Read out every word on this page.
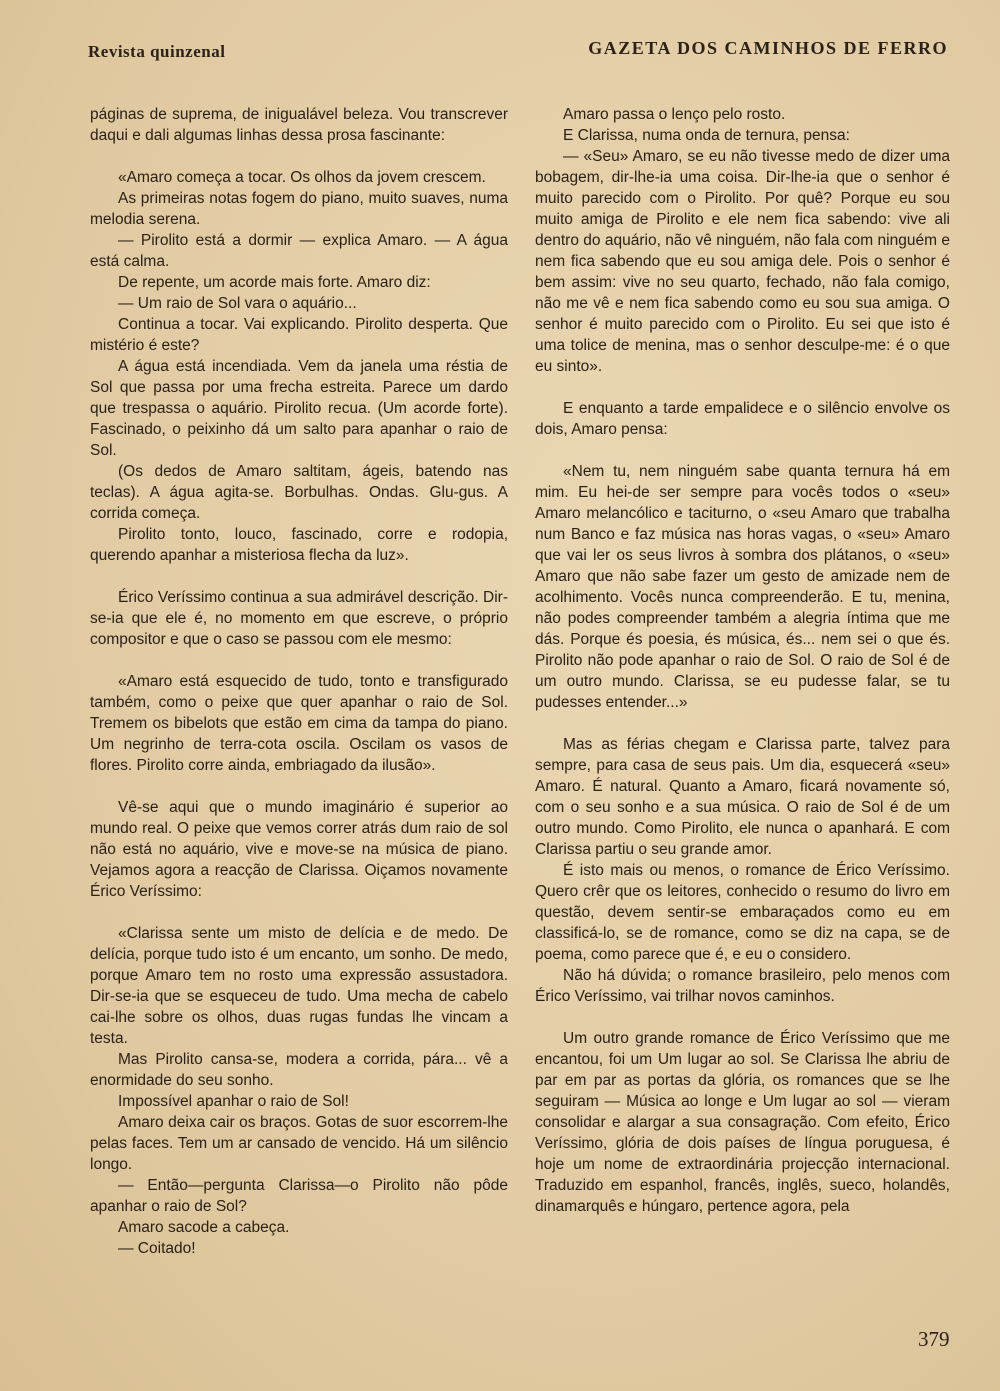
Revista quinzenal	GAZETA DOS CAMINHOS DE FERRO

páginas de suprema, de inigualável beleza. Vou transcrever daqui e dali algumas linhas dessa prosa fascinante:

«Amaro começa a tocar. Os olhos da jovem crescem.

As primeiras notas fogem do piano, muito suaves, numa melodia serena.

— Pirolito está a dormir — explica Amaro. — A água está calma.

De repente, um acorde mais forte. Amaro diz:

— Um raio de Sol vara o aquário...

Continua a tocar. Vai explicando. Pirolito desperta. Que mistério é este?

A água está incendiada. Vem da janela uma réstia de Sol que passa por uma frecha estreita. Parece um dardo que trespassa o aquário. Pirolito recua. (Um acorde forte). Fascinado, o peixinho dá um salto para apanhar o raio de Sol.

(Os dedos de Amaro saltitam, ágeis, batendo nas teclas). A água agita-se. Borbulhas. Ondas. Glu-gus. A corrida começa.

Pirolito tonto, louco, fascinado, corre e rodopia, querendo apanhar a misteriosa flecha da luz».

Érico Veríssimo continua a sua admirável descrição. Dir-se-ia que ele é, no momento em que escreve, o próprio compositor e que o caso se passou com ele mesmo:

«Amaro está esquecido de tudo, tonto e transfigurado também, como o peixe que quer apanhar o raio de Sol. Tremem os bibelots que estão em cima da tampa do piano. Um negrinho de terra-cota oscila. Oscilam os vasos de flores. Pirolito corre ainda, embriagado da ilusão».

Vê-se aqui que o mundo imaginário é superior ao mundo real. O peixe que vemos correr atrás dum raio de sol não está no aquário, vive e move-se na música de piano. Vejamos agora a reacção de Clarissa. Oiçamos novamente Érico Veríssimo:

«Clarissa sente um misto de delícia e de medo. De delícia, porque tudo isto é um encanto, um sonho. De medo, porque Amaro tem no rosto uma expressão assustadora. Dir-se-ia que se esqueceu de tudo. Uma mecha de cabelo cai-lhe sobre os olhos, duas rugas fundas lhe vincam a testa.

Mas Pirolito cansa-se, modera a corrida, pára... vê a enormidade do seu sonho.

Impossível apanhar o raio de Sol!

Amaro deixa cair os braços. Gotas de suor escorrem-lhe pelas faces. Tem um ar cansado de vencido. Há um silêncio longo.

— Então—pergunta Clarissa—o Pirolito não pôde apanhar o raio de Sol?

Amaro sacode a cabeça.

— Coitado!

Amaro passa o lenço pelo rosto.

E Clarissa, numa onda de ternura, pensa:

— «Seu» Amaro, se eu não tivesse medo de dizer uma bobagem, dir-lhe-ia uma coisa. Dir-lhe-ia que o senhor é muito parecido com o Pirolito. Por quê? Porque eu sou muito amiga de Pirolito e ele nem fica sabendo: vive ali dentro do aquário, não vê ninguém, não fala com ninguém e nem fica sabendo que eu sou amiga dele. Pois o senhor é bem assim: vive no seu quarto, fechado, não fala comigo, não me vê e nem fica sabendo como eu sou sua amiga. O senhor é muito parecido com o Pirolito. Eu sei que isto é uma tolice de menina, mas o senhor desculpe-me: é o que eu sinto».

E enquanto a tarde empalidece e o silêncio envolve os dois, Amaro pensa:

«Nem tu, nem ninguém sabe quanta ternura há em mim. Eu hei-de ser sempre para vocês todos o «seu» Amaro melancólico e taciturno, o «seu Amaro que trabalha num Banco e faz música nas horas vagas, o «seu» Amaro que vai ler os seus livros à sombra dos plátanos, o «seu» Amaro que não sabe fazer um gesto de amizade nem de acolhimento. Vocês nunca compreenderão. E tu, menina, não podes compreender também a alegria íntima que me dás. Porque és poesia, és música, és... nem sei o que és. Pirolito não pode apanhar o raio de Sol. O raio de Sol é de um outro mundo. Clarissa, se eu pudesse falar, se tu pudesses entender...»

Mas as férias chegam e Clarissa parte, talvez para sempre, para casa de seus pais. Um dia, esquecerá «seu» Amaro. É natural. Quanto a Amaro, ficará novamente só, com o seu sonho e a sua música. O raio de Sol é de um outro mundo. Como Pirolito, ele nunca o apanhará. E com Clarissa partiu o seu grande amor.

É isto mais ou menos, o romance de Érico Veríssimo. Quero crêr que os leitores, conhecido o resumo do livro em questão, devem sentir-se embaraçados como eu em classificá-lo, se de romance, como se diz na capa, se de poema, como parece que é, e eu o considero.

Não há dúvida; o romance brasileiro, pelo menos com Érico Veríssimo, vai trilhar novos caminhos.

Um outro grande romance de Érico Veríssimo que me encantou, foi um Um lugar ao sol. Se Clarissa lhe abriu de par em par as portas da glória, os romances que se lhe seguiram — Música ao longe e Um lugar ao sol — vieram consolidar e alargar a sua consagração. Com efeito, Érico Veríssimo, glória de dois países de língua poruguesa, é hoje um nome de extraordinária projecção internacional. Traduzido em espanhol, francês, inglês, sueco, holandês, dinamarquês e húngaro, pertence agora, pela

379
